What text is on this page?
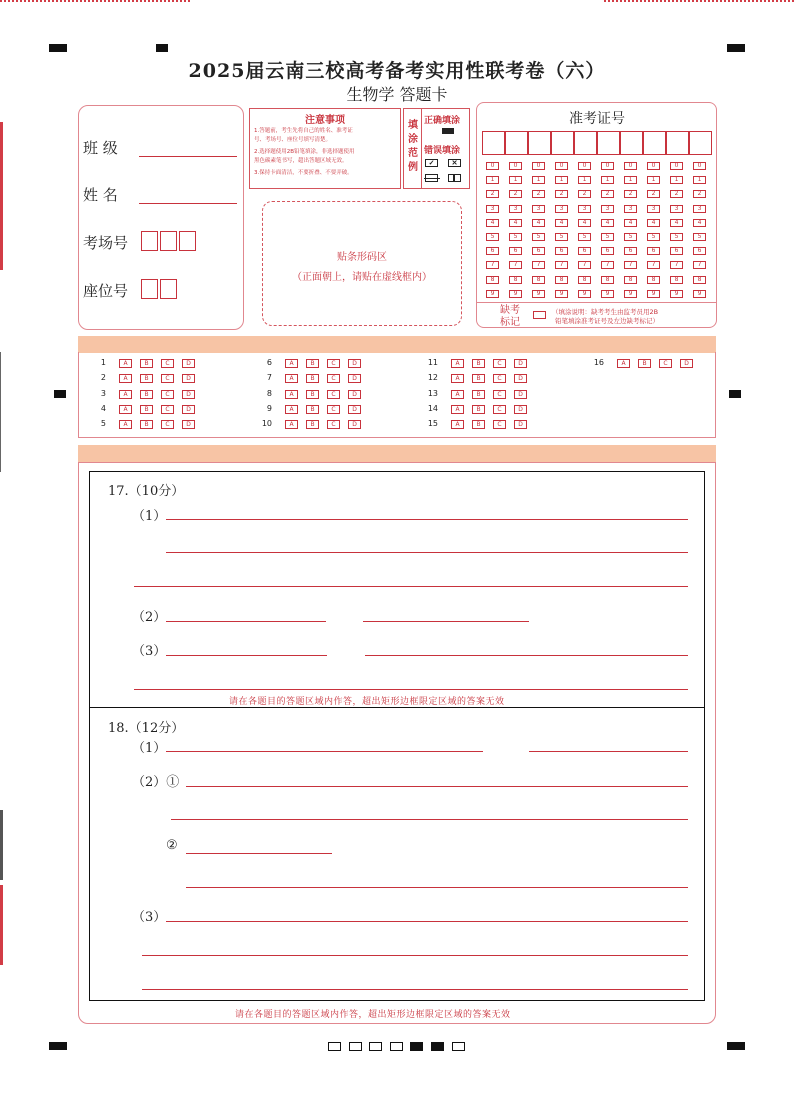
2025届云南三校高考备考实用性联考卷（六）
生物学 答题卡
班 级
姓 名
考场号
座位号
注意事项
1.答题前，考生先将自己的姓名、准考证
号、考场号、座位号填写清楚。
2.选择题使用2B铅笔填涂，非选择题使用
黑色碳素笔书写，超出答题区域无效。
3.保持卡面清洁，不要折叠、不要弄破。
填涂范例
正确填涂
错误填涂
✓	✕
贴条形码区
（正面朝上，请贴在虚线框内）
准考证号
0
1
2
3
4
5
6
7
8
9
0
1
2
3
4
5
6
7
8
9
0
1
2
3
4
5
6
7
8
9
0
1
2
3
4
5
6
7
8
9
0
1
2
3
4
5
6
7
8
9
0
1
2
3
4
5
6
7
8
9
0
1
2
3
4
5
6
7
8
9
0
1
2
3
4
5
6
7
8
9
0
1
2
3
4
5
6
7
8
9
0
1
2
3
4
5
6
7
8
9
缺考标记
（填涂说明：缺考考生由监考员用2B
铅笔填涂准考证号及左边缺考标记）
1	A	B	C	D
2	A	B	C	D
3	A	B	C	D
4	A	B	C	D
5	A	B	C	D
6	A	B	C	D
7	A	B	C	D
8	A	B	C	D
9	A	B	C	D
10	A	B	C	D
11	A	B	C	D
12	A	B	C	D
13	A	B	C	D
14	A	B	C	D
15	A	B	C	D
16	A	B	C	D
17.（10分）
（1）
（2）
（3）
请在各题目的答题区域内作答，超出矩形边框限定区域的答案无效
18.（12分）
（1）
（2）①
②
（3）
请在各题目的答题区域内作答，超出矩形边框限定区域的答案无效
